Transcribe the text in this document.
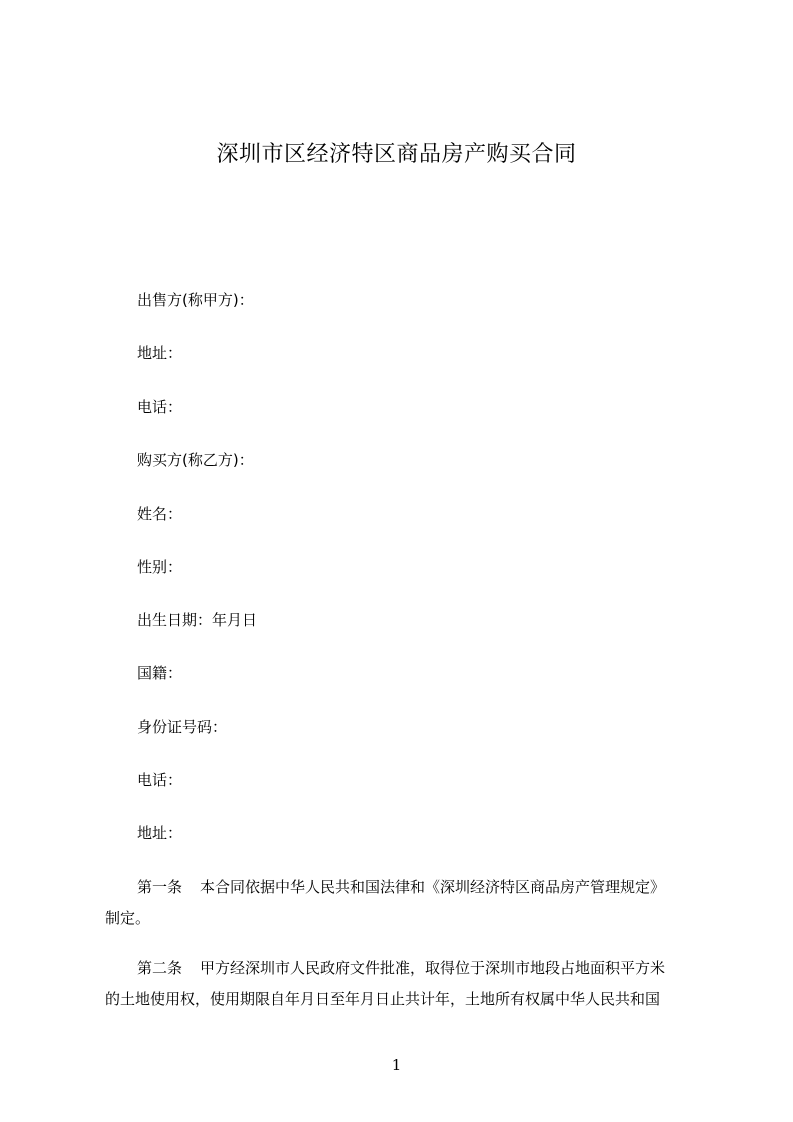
深圳市区经济特区商品房产购买合同
出售方(称甲方)：
地址：
电话：
购买方(称乙方)：
姓名：
性别：
出生日期：年月日
国籍：
身份证号码：
电话：
地址：
第一条 本合同依据中华人民共和国法律和《深圳经济特区商品房产管理规定》
制定。
第二条 甲方经深圳市人民政府文件批准，取得位于深圳市地段占地面积平方米
的土地使用权，使用期限自年月日至年月日止共计年，土地所有权属中华人民共和国
1
